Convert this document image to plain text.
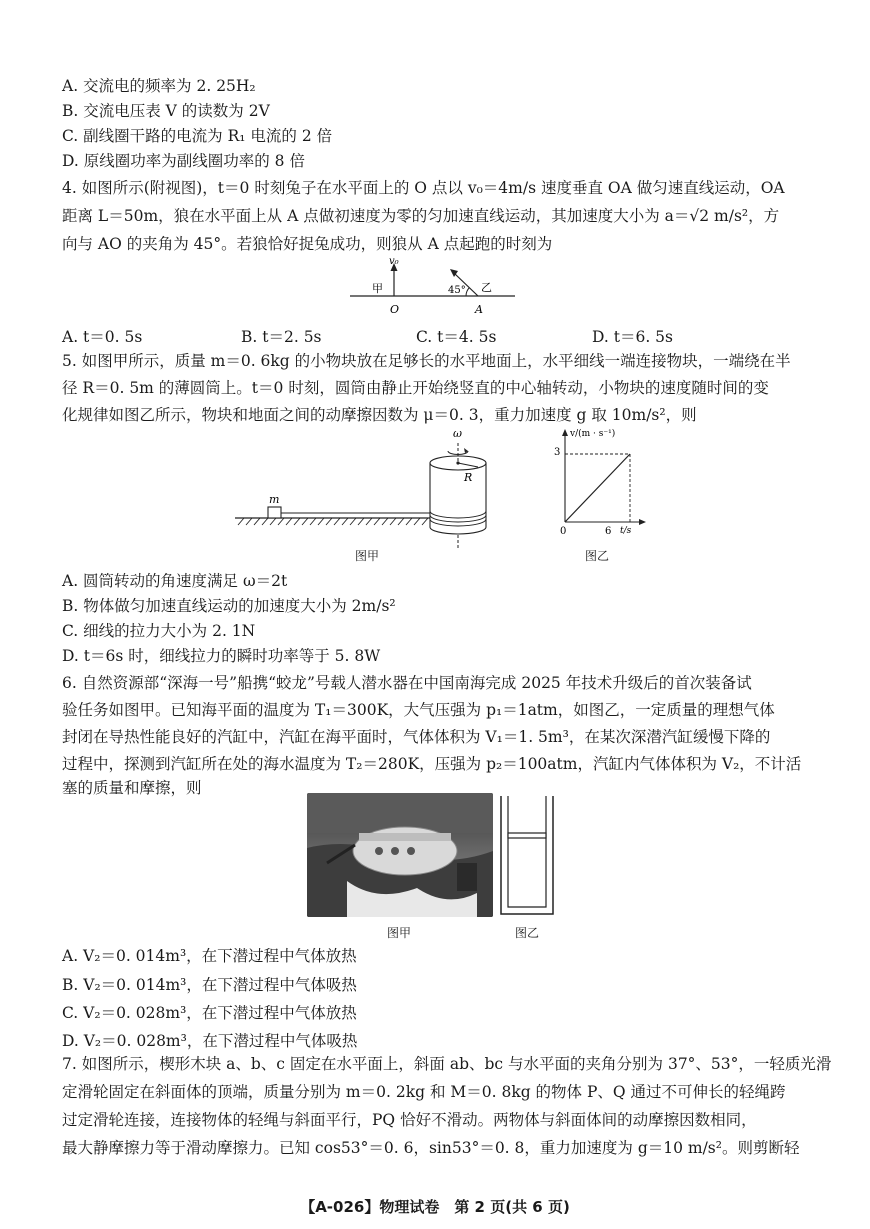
A. 交流电的频率为 2. 25H₂
B. 交流电压表 V 的读数为 2V
C. 副线圈干路的电流为 R₁ 电流的 2 倍
D. 原线圈功率为副线圈功率的 8 倍
4. 如图所示(附视图)，t＝0 时刻兔子在水平面上的 O 点以 v₀＝4m/s 速度垂直 OA 做匀速直线运动，OA
距离 L＝50m，狼在水平面上从 A 点做初速度为零的匀加速直线运动，其加速度大小为 a＝√2 m/s²，方
向与 AO 的夹角为 45°。若狼恰好捉兔成功，则狼从 A 点起跑的时刻为
v₀
甲	45° 乙
O	A
A. t＝0. 5s	B. t＝2. 5s	C. t＝4. 5s	D. t＝6. 5s
5. 如图甲所示，质量 m＝0. 6kg 的小物块放在足够长的水平地面上，水平细线一端连接物块，一端绕在半
径 R＝0. 5m 的薄圆筒上。t＝0 时刻，圆筒由静止开始绕竖直的中心轴转动，小物块的速度随时间的变
化规律如图乙所示，物块和地面之间的动摩擦因数为 μ＝0. 3，重力加速度 g 取 10m/s²，则
m
R
ω
图甲
v/(m · s⁻¹)
t/s
0
3
6
图乙
A. 圆筒转动的角速度满足 ω＝2t
B. 物体做匀加速直线运动的加速度大小为 2m/s²
C. 细线的拉力大小为 2. 1N
D. t＝6s 时，细线拉力的瞬时功率等于 5. 8W
6. 自然资源部“深海一号”船携“蛟龙”号载人潜水器在中国南海完成 2025 年技术升级后的首次装备试
验任务如图甲。已知海平面的温度为 T₁＝300K，大气压强为 p₁＝1atm，如图乙，一定质量的理想气体
封闭在导热性能良好的汽缸中，汽缸在海平面时，气体体积为 V₁＝1. 5m³，在某次深潜汽缸缓慢下降的
过程中，探测到汽缸所在处的海水温度为 T₂＝280K，压强为 p₂＝100atm，汽缸内气体体积为 V₂，不计活
塞的质量和摩擦，则
图甲	图乙
A. V₂＝0. 014m³，在下潜过程中气体放热
B. V₂＝0. 014m³，在下潜过程中气体吸热
C. V₂＝0. 028m³，在下潜过程中气体放热
D. V₂＝0. 028m³，在下潜过程中气体吸热
7. 如图所示，楔形木块 a、b、c 固定在水平面上，斜面 ab、bc 与水平面的夹角分别为 37°、53°，一轻质光滑
定滑轮固定在斜面体的顶端，质量分别为 m＝0. 2kg 和 M＝0. 8kg 的物体 P、Q 通过不可伸长的轻绳跨
过定滑轮连接，连接物体的轻绳与斜面平行，PQ 恰好不滑动。两物体与斜面体间的动摩擦因数相同，
最大静摩擦力等于滑动摩擦力。已知 cos53°＝0. 6，sin53°＝0. 8，重力加速度为 g＝10 m/s²。则剪断轻
【A-026】物理试卷　第 2 页(共 6 页)
